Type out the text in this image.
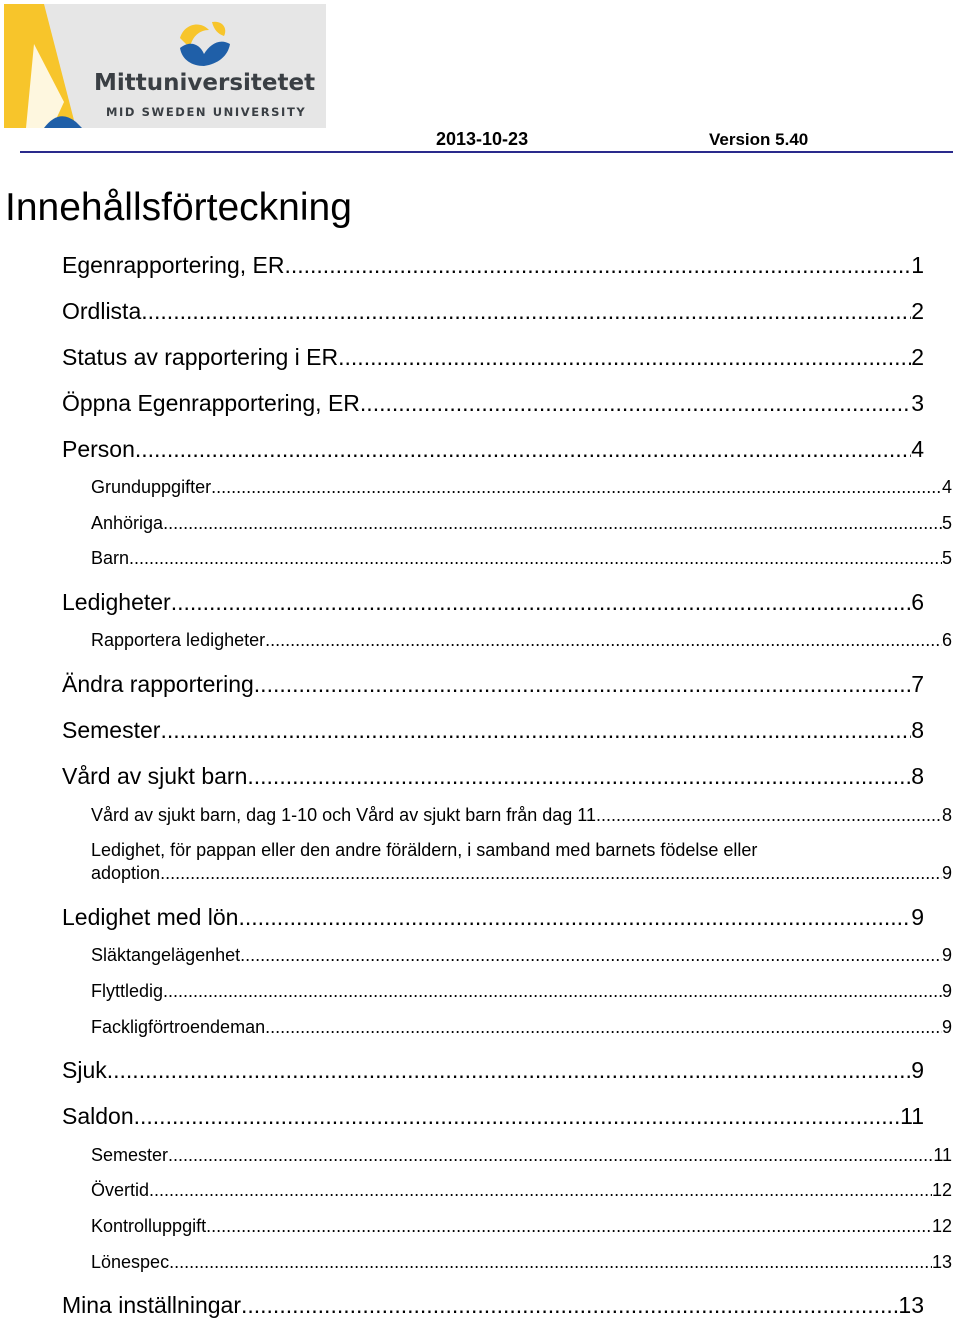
Mittuniversitetet
MID SWEDEN UNIVERSITY
2013-10-23	Version 5.40
Innehållsförteckning
Egenrapportering, ER .....	1
Ordlista .....	2
Status av rapportering i ER .....	2
Öppna Egenrapportering, ER .....	3
Person .....	4
Grunduppgifter .....	4
Anhöriga .....	5
Barn .....	5
Ledigheter .....	6
Rapportera ledigheter .....	6
Ändra rapportering .....	7
Semester .....	8
Vård av sjukt barn .....	8
Vård av sjukt barn, dag 1-10 och Vård av sjukt barn från dag 11 .....	8
Ledighet, för pappan eller den andre föräldern, i samband med barnets födelse eller
adoption. .....	9
Ledighet med lön .....	9
Släktangelägenhet .....	9
Flyttledig .....	9
Fackligförtroendeman .....	9
Sjuk .....	9
Saldon .....	11
Semester .....	11
Övertid .....	12
Kontrolluppgift .....	12
Lönespec .....	13
Mina inställningar .....	13
